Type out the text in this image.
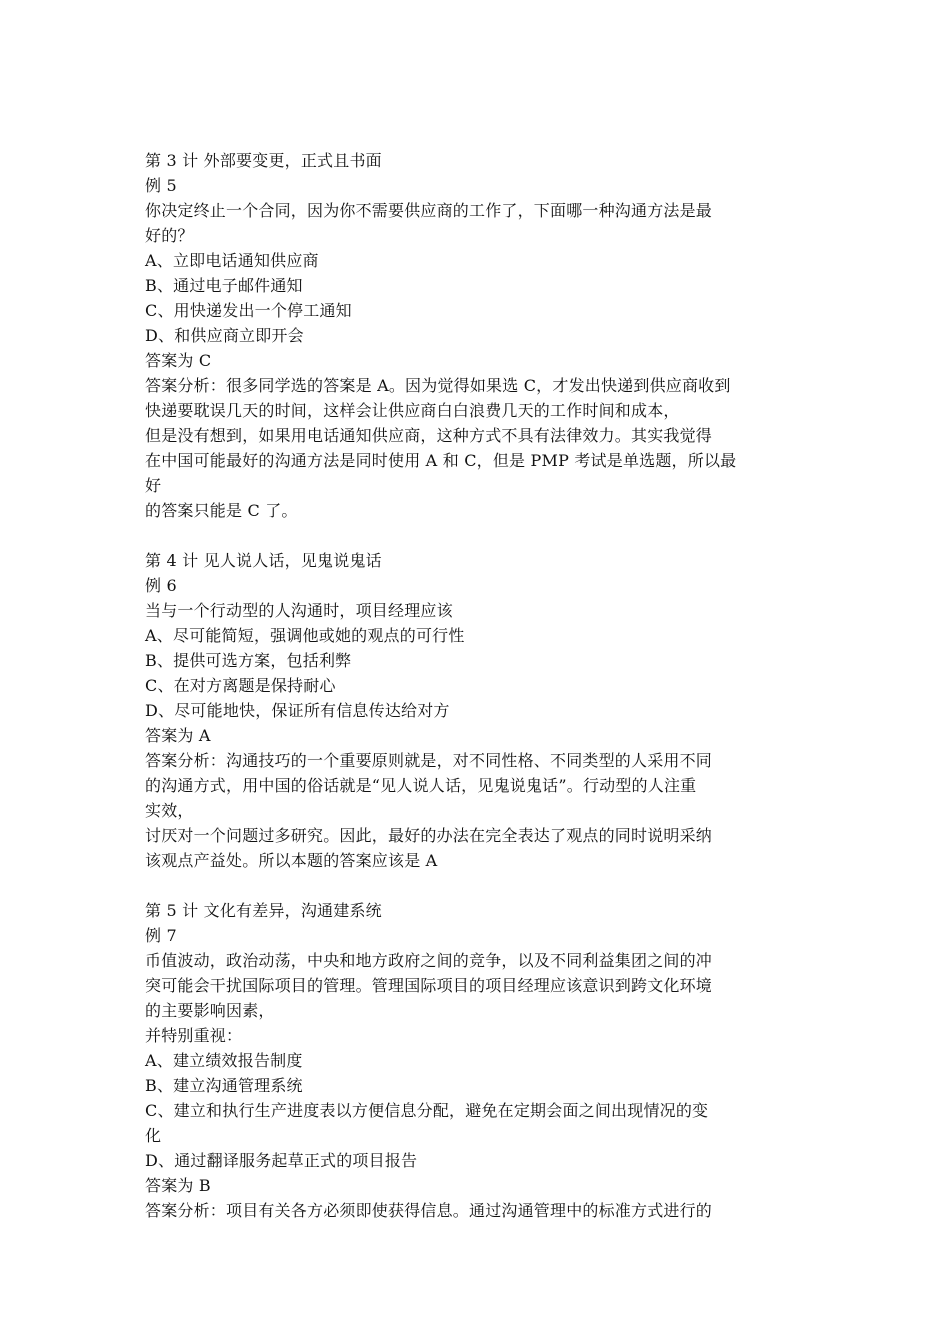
第 3 计 外部要变更，正式且书面
例 5
你决定终止一个合同，因为你不需要供应商的工作了，下面哪一种沟通方法是最
好的？
A、立即电话通知供应商
B、通过电子邮件通知
C、用快递发出一个停工通知
D、和供应商立即开会
答案为 C
答案分析：很多同学选的答案是 A。因为觉得如果选 C，才发出快递到供应商收到
快递要耽误几天的时间，这样会让供应商白白浪费几天的工作时间和成本，
但是没有想到，如果用电话通知供应商，这种方式不具有法律效力。其实我觉得
在中国可能最好的沟通方法是同时使用 A 和 C，但是 PMP 考试是单选题，所以最
好
的答案只能是 C 了。
第 4 计 见人说人话，见鬼说鬼话
例 6
当与一个行动型的人沟通时，项目经理应该
A、尽可能简短，强调他或她的观点的可行性
B、提供可选方案，包括利弊
C、在对方离题是保持耐心
D、尽可能地快，保证所有信息传达给对方
答案为 A
答案分析：沟通技巧的一个重要原则就是，对不同性格、不同类型的人采用不同
的沟通方式，用中国的俗话就是“见人说人话，见鬼说鬼话”。行动型的人注重
实效，
讨厌对一个问题过多研究。因此，最好的办法在完全表达了观点的同时说明采纳
该观点产益处。所以本题的答案应该是 A
第 5 计 文化有差异，沟通建系统
例 7
币值波动，政治动荡，中央和地方政府之间的竞争，以及不同利益集团之间的冲
突可能会干扰国际项目的管理。管理国际项目的项目经理应该意识到跨文化环境
的主要影响因素，
并特别重视：
A、建立绩效报告制度
B、建立沟通管理系统
C、建立和执行生产进度表以方便信息分配，避免在定期会面之间出现情况的变
化
D、通过翻译服务起草正式的项目报告
答案为 B
答案分析：项目有关各方必须即使获得信息。通过沟通管理中的标准方式进行的
